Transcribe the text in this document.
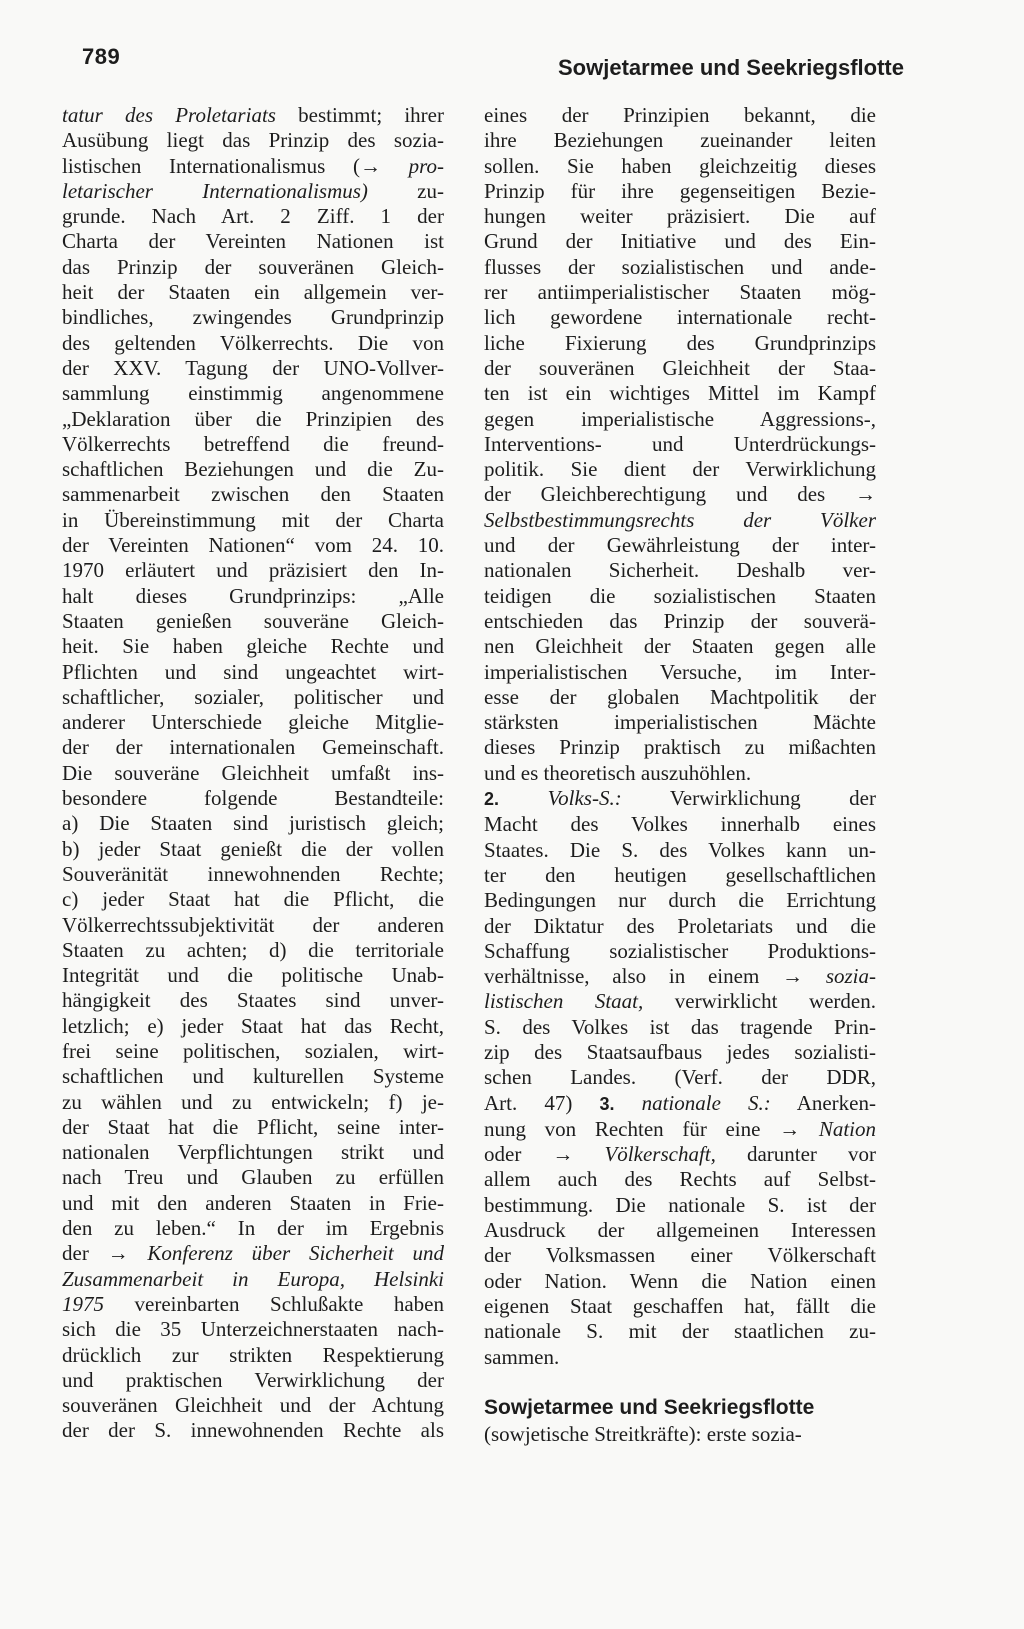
789	Sowjetarmee und Seekriegsflotte
tatur des Proletariats bestimmt; ihrer
Ausübung liegt das Prinzip des sozia-
listischen Internationalismus (→ pro-
letarischer Internationalismus) zu-
grunde. Nach Art. 2 Ziff. 1 der
Charta der Vereinten Nationen ist
das Prinzip der souveränen Gleich-
heit der Staaten ein allgemein ver-
bindliches, zwingendes Grundprinzip
des geltenden Völkerrechts. Die von
der XXV. Tagung der UNO-Vollver-
sammlung einstimmig angenommene
„Deklaration über die Prinzipien des
Völkerrechts betreffend die freund-
schaftlichen Beziehungen und die Zu-
sammenarbeit zwischen den Staaten
in Übereinstimmung mit der Charta
der Vereinten Nationen“ vom 24. 10.
1970 erläutert und präzisiert den In-
halt dieses Grundprinzips: „Alle
Staaten genießen souveräne Gleich-
heit. Sie haben gleiche Rechte und
Pflichten und sind ungeachtet wirt-
schaftlicher, sozialer, politischer und
anderer Unterschiede gleiche Mitglie-
der der internationalen Gemeinschaft.
Die souveräne Gleichheit umfaßt ins-
besondere folgende Bestandteile:
a) Die Staaten sind juristisch gleich;
b) jeder Staat genießt die der vollen
Souveränität innewohnenden Rechte;
c) jeder Staat hat die Pflicht, die
Völkerrechtssubjektivität der anderen
Staaten zu achten; d) die territoriale
Integrität und die politische Unab-
hängigkeit des Staates sind unver-
letzlich; e) jeder Staat hat das Recht,
frei seine politischen, sozialen, wirt-
schaftlichen und kulturellen Systeme
zu wählen und zu entwickeln; f) je-
der Staat hat die Pflicht, seine inter-
nationalen Verpflichtungen strikt und
nach Treu und Glauben zu erfüllen
und mit den anderen Staaten in Frie-
den zu leben.“ In der im Ergebnis
der → Konferenz über Sicherheit und
Zusammenarbeit in Europa, Helsinki
1975 vereinbarten Schlußakte haben
sich die 35 Unterzeichnerstaaten nach-
drücklich zur strikten Respektierung
und praktischen Verwirklichung der
souveränen Gleichheit und der Achtung
der der S. innewohnenden Rechte als
eines der Prinzipien bekannt, die
ihre Beziehungen zueinander leiten
sollen. Sie haben gleichzeitig dieses
Prinzip für ihre gegenseitigen Bezie-
hungen weiter präzisiert. Die auf
Grund der Initiative und des Ein-
flusses der sozialistischen und ande-
rer antiimperialistischer Staaten mög-
lich gewordene internationale recht-
liche Fixierung des Grundprinzips
der souveränen Gleichheit der Staa-
ten ist ein wichtiges Mittel im Kampf
gegen imperialistische Aggressions-,
Interventions- und Unterdrückungs-
politik. Sie dient der Verwirklichung
der Gleichberechtigung und des →
Selbstbestimmungsrechts der Völker
und der Gewährleistung der inter-
nationalen Sicherheit. Deshalb ver-
teidigen die sozialistischen Staaten
entschieden das Prinzip der souverä-
nen Gleichheit der Staaten gegen alle
imperialistischen Versuche, im Inter-
esse der globalen Machtpolitik der
stärksten imperialistischen Mächte
dieses Prinzip praktisch zu mißachten
und es theoretisch auszuhöhlen.
2. Volks-S.: Verwirklichung der
Macht des Volkes innerhalb eines
Staates. Die S. des Volkes kann un-
ter den heutigen gesellschaftlichen
Bedingungen nur durch die Errichtung
der Diktatur des Proletariats und die
Schaffung sozialistischer Produktions-
verhältnisse, also in einem → sozia-
listischen Staat, verwirklicht werden.
S. des Volkes ist das tragende Prin-
zip des Staatsaufbaus jedes sozialisti-
schen Landes. (Verf. der DDR,
Art. 47) 3. nationale S.: Anerken-
nung von Rechten für eine → Nation
oder → Völkerschaft, darunter vor
allem auch des Rechts auf Selbst-
bestimmung. Die nationale S. ist der
Ausdruck der allgemeinen Interessen
der Volksmassen einer Völkerschaft
oder Nation. Wenn die Nation einen
eigenen Staat geschaffen hat, fällt die
nationale S. mit der staatlichen zu-
sammen.
Sowjetarmee und Seekriegsflotte
(sowjetische Streitkräfte): erste sozia-
